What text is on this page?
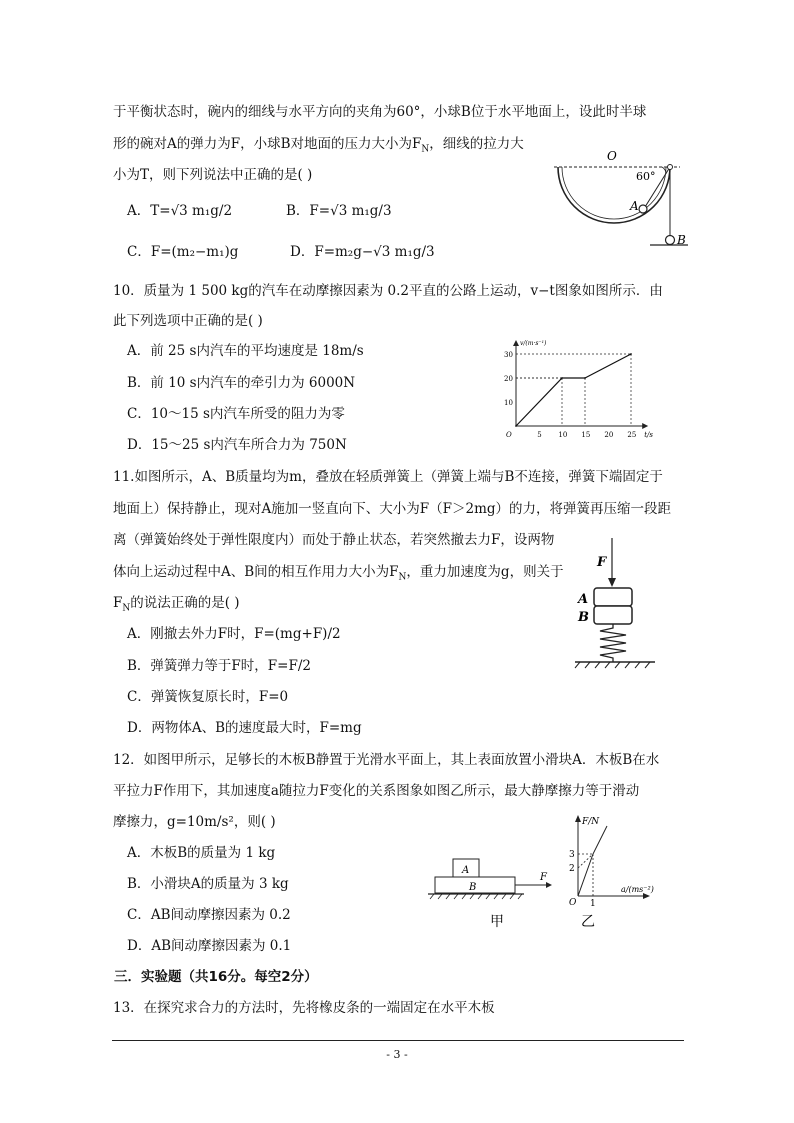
于平衡状态时，碗内的细线与水平方向的夹角为60°，小球B位于水平地面上，设此时半球
形的碗对A的弹力为F，小球B对地面的压力大小为$F_N$，细线的拉力大
小为T，则下列说法中正确的是( )
A．T=√3 m₁g/2	B．F=√3 m₁g/3
C．F=(m₂−m₁)g	D．F=m₂g−√3 m₁g/3
O
60°
A
B
10．质量为 1 500 kg的汽车在动摩擦因素为 0.2平直的公路上运动，v−t图象如图所示．由
此下列选项中正确的是( )
A．前 25 s内汽车的平均速度是 18m/s
B．前 10 s内汽车的牵引力为 6000N
C．10～15 s内汽车所受的阻力为零
D．15～25 s内汽车所合力为 750N
v/(m·s⁻¹)
t/s
O	5 10 15 20 25
10
20
30
11.如图所示，A、B质量均为m，叠放在轻质弹簧上（弹簧上端与B不连接，弹簧下端固定于
地面上）保持静止，现对A施加一竖直向下、大小为F（F＞2mg）的力，将弹簧再压缩一段距
离（弹簧始终处于弹性限度内）而处于静止状态，若突然撤去力F，设两物
体向上运动过程中A、B间的相互作用力大小为$F_N$，重力加速度为g，则关于
$F_N$的说法正确的是( )
A．刚撤去外力F时，F=(mg+F)/2
B．弹簧弹力等于F时，F=F/2
C．弹簧恢复原长时，F=0
D．两物体A、B的速度最大时，F=mg
F
A
B
12．如图甲所示，足够长的木板B静置于光滑水平面上，其上表面放置小滑块A．木板B在水
平拉力F作用下，其加速度a随拉力F变化的关系图象如图乙所示，最大静摩擦力等于滑动
摩擦力，g=10m/s²，则( )
A．木板B的质量为 1 kg
B．小滑块A的质量为 3 kg
C．AB间动摩擦因素为 0.2
D．AB间动摩擦因素为 0.1
A
B
F
甲
F/N
a/(ms⁻²)
O
3
2
1
乙
三．实验题（共16分。每空2分）
13．在探究求合力的方法时，先将橡皮条的一端固定在水平木板
- 3 -
